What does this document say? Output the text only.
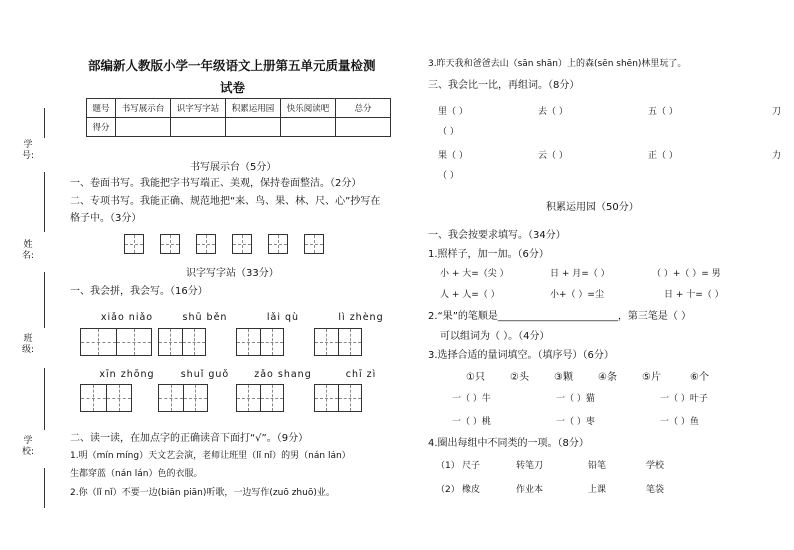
学号:
姓名:
班级:
学校:
部编新人教版小学一年级语文上册第五单元质量检测
试卷
题号	书写展示台	识字写字站	积累运用园	快乐阅读吧	总分
得分					
书写展示台（5分）
一、卷面书写。我能把字书写端正、美观，保持卷面整洁。（2分）
二、专项书写。我能正确、规范地把“来、鸟、果、林、尺、心”抄写在
格子中。（3分）
识字写字站（33分）
一、我会拼，我会写。（16分）
xiǎo niǎo	shū běn	lǎi qù	lì zhèng
xīn zhōng	shuǐ guǒ	zǎo shang	chī zì
二、读一读，在加点字的正确读音下面打“√”。（9分）
1.明（mín míng）天文艺会演，老师让班里（lǐ nǐ）的男（nán lán）
生都穿蓝（nán lán）色的衣服。
2.你（lǐ nǐ）不要一边(biān piān)听歌，一边写作(zuō zhuō)业。
3.昨天我和爸爸去山（sān shān）上的森(sēn shēn)林里玩了。
三、我会比一比，再组词。（8分）
里（ ）	去（ ）	五（ ）	刀
（ ）
果（ ）	云（ ）	正（ ）	力
（ ）
积累运用园（50分）
一、我会按要求填写。（34分）
1.照样子，加一加。（6分）
小 + 大=（尖 ）	日 + 月=（ ）	（ ）+（ ）= 男
人 + 人=（ ）	小+（ ）=尘	日 + 十=（ ）
2.“果”的笔顺是________________________，第三笔是（ ）
可以组词为（ ）。（4分）
3.选择合适的量词填空。（填序号）（6分）
①只	②头	③颗	④条	⑤片	⑥个
一（ ）牛	一（ ）猫	一（ ）叶子
一（ ）桃	一（ ）枣	一（ ）鱼
4.圈出每组中不同类的一项。（8分）
（1） 尺子	转笔刀	铅笔	学校
（2） 橡皮	作业本	上课	笔袋
